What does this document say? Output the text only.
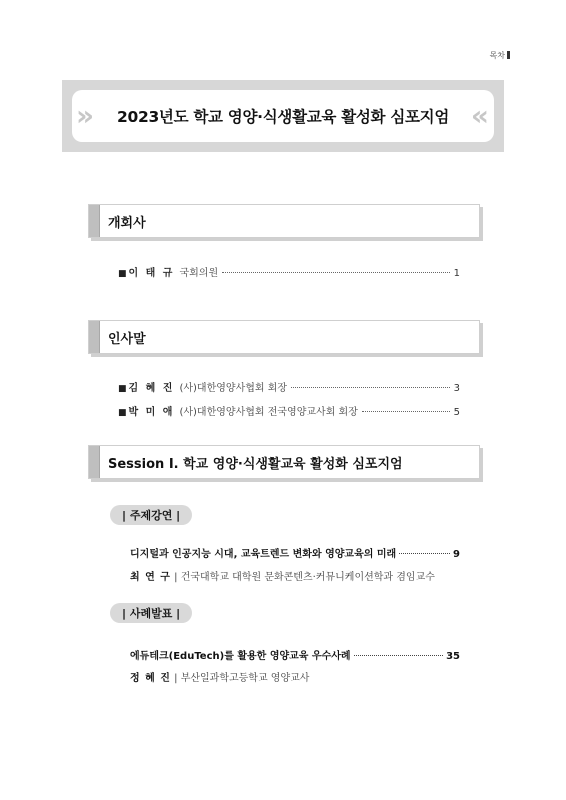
목차
2023년도 학교 영양·식생활교육 활성화 심포지엄
»	«
개회사
■ 이 태 규 국회의원	1
인사말
■ 김 혜 진 (사)대한영양사협회 회장	3
■ 박 미 애 (사)대한영양사협회 전국영양교사회 회장	5
Session Ⅰ. 학교 영양·식생활교육 활성화 심포지엄
| 주제강연 |
디지털과 인공지능 시대, 교육트렌드 변화와 영양교육의 미래	9
최 연 구 | 건국대학교 대학원 문화콘텐츠·커뮤니케이션학과 겸임교수
| 사례발표 |
에듀테크(EduTech)를 활용한 영양교육 우수사례	35
정 혜 진 | 부산일과학고등학교 영양교사
